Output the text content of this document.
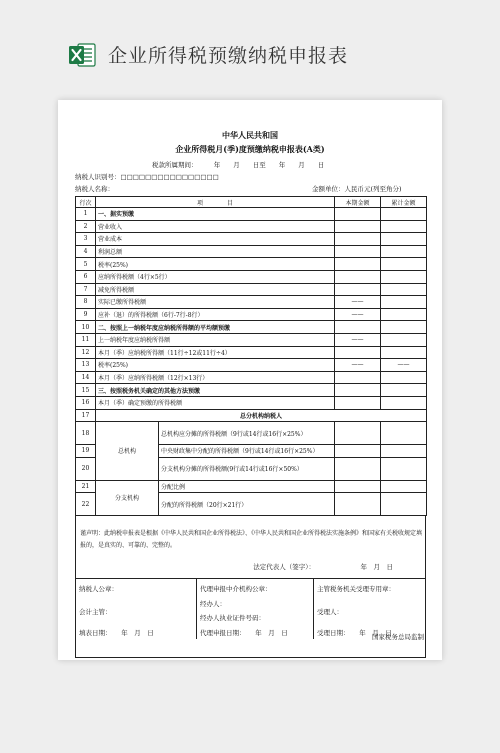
企业所得税预缴纳税申报表
中华人民共和国
企业所得税月(季)度预缴纳税申报表(A类)
税款所属期间：　　　年　　月　　日至　　年　　月　　日
纳税人识别号：□□□□□□□□□□□□□□□□
纳税人名称：	金额单位：人民币元(列至角分)
行次	项　　　　目		本期金额	累计金额
1	一、据实预缴			
2	营业收入			
3	营业成本			
4	利润总额			
5	税率(25%)			
6	应纳所得税额（4行×5行）			
7	减免所得税额			
8	实际已缴所得税额		——	
9	应补（退）的所得税额（6行-7行-8行）		——	
10	二、按照上一纳税年度应纳税所得额的平均额预缴			
11	上一纳税年度应纳税所得额		——	
12	本月（季）应纳税所得额（11行÷12或11行÷4）			
13	税率(25%)		——	——
14	本月（季）应纳所得税额（12行×13行）			
15	三、按照税务机关确定的其他方法预缴			
16	本月（季）确定预缴的所得税额			
17	总分机构纳税人			
18	总机构	总机构应分摊的所得税额（9行或14行或16行×25%）		
19		中央财政集中分配的所得税额（9行或14行或16行×25%）		
20		分支机构分摊的所得税额(9行或14行或16行×50%）		
21	分支机构	分配比例		
22		分配的所得税额（20行×21行）		
谨声明：此纳税申报表是根据《中华人民共和国企业所得税法》、《中华人民共和国企业所得税法实施条例》和国家有关税收规定填报的，是真实的、可靠的、完整的。
法定代表人（签字）：	年　月　日
纳税人公章：
会计主管：
填表日期：　　年　月　日
代理申报中介机构公章：
经办人：
经办人执业证件号码：
代理申报日期：　　年　月　日
主管税务机关受理专用章：
受理人：
受理日期：　　年　月　日
国家税务总局监制
